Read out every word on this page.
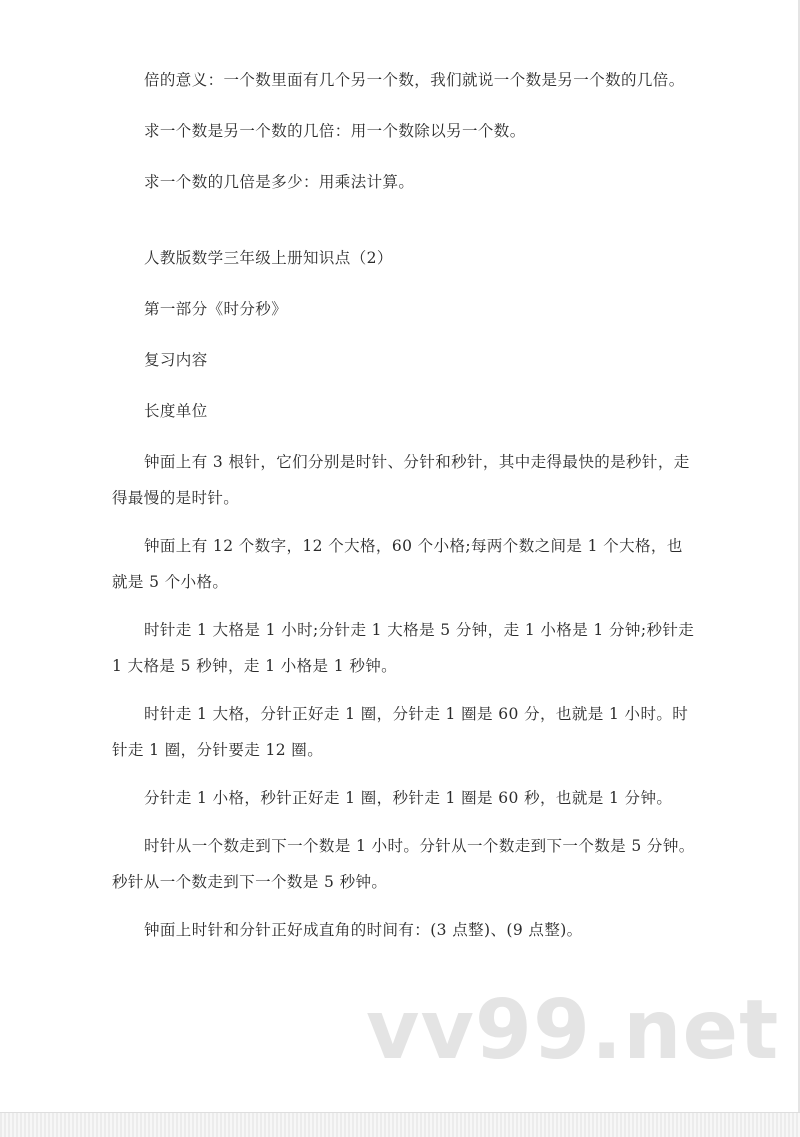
倍的意义：一个数里面有几个另一个数，我们就说一个数是另一个数的几倍。

求一个数是另一个数的几倍：用一个数除以另一个数。

求一个数的几倍是多少：用乘法计算。

人教版数学三年级上册知识点（2）

第一部分《时分秒》

复习内容

长度单位

钟面上有 3 根针，它们分别是时针、分针和秒针，其中走得最快的是秒针，走得最慢的是时针。

钟面上有 12 个数字，12 个大格，60 个小格;每两个数之间是 1 个大格，也就是 5 个小格。

时针走 1 大格是 1 小时;分针走 1 大格是 5 分钟，走 1 小格是 1 分钟;秒针走 1 大格是 5 秒钟，走 1 小格是 1 秒钟。

时针走 1 大格，分针正好走 1 圈，分针走 1 圈是 60 分，也就是 1 小时。时针走 1 圈，分针要走 12 圈。

分针走 1 小格，秒针正好走 1 圈，秒针走 1 圈是 60 秒，也就是 1 分钟。

时针从一个数走到下一个数是 1 小时。分针从一个数走到下一个数是 5 分钟。秒针从一个数走到下一个数是 5 秒钟。

钟面上时针和分针正好成直角的时间有：(3 点整)、(9 点整)。

vv99.net
